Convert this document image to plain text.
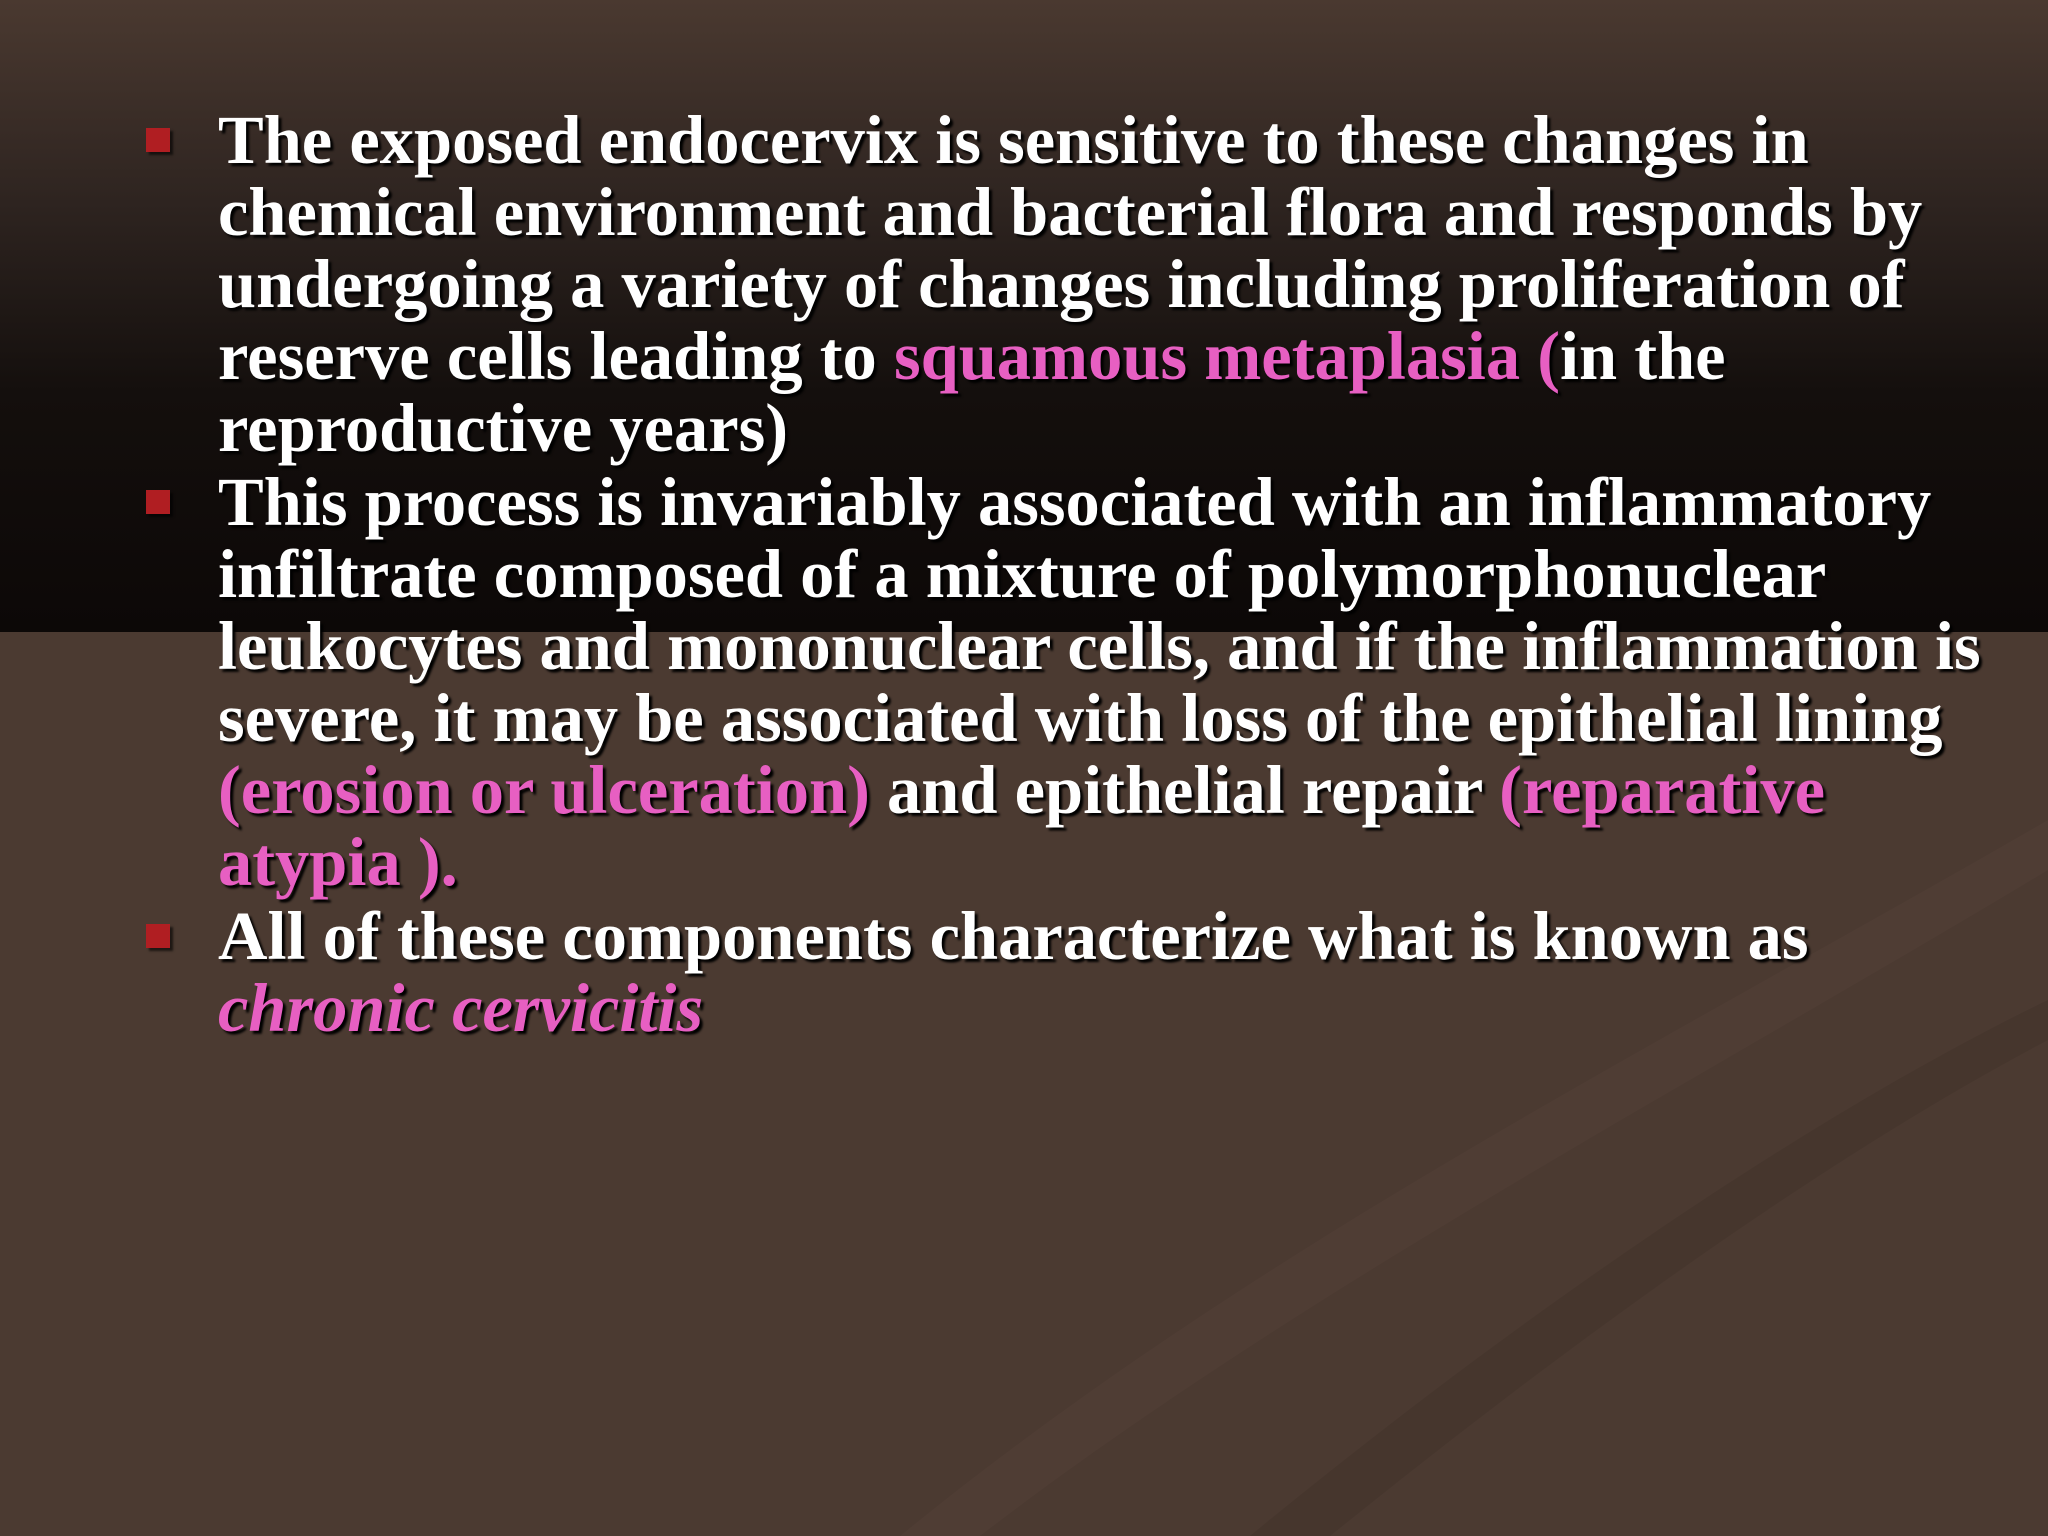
The exposed endocervix is sensitive to these changes in chemical environment and bacterial flora and responds by undergoing a variety of changes including proliferation of reserve cells leading to squamous metaplasia (in the reproductive years)
This process is invariably associated with an inflammatory infiltrate composed of a mixture of polymorphonuclear leukocytes and mononuclear cells, and if the inflammation is severe, it may be associated with loss of the epithelial lining (erosion or ulceration) and epithelial repair (reparative atypia ).
All of these components characterize what is known as chronic cervicitis
